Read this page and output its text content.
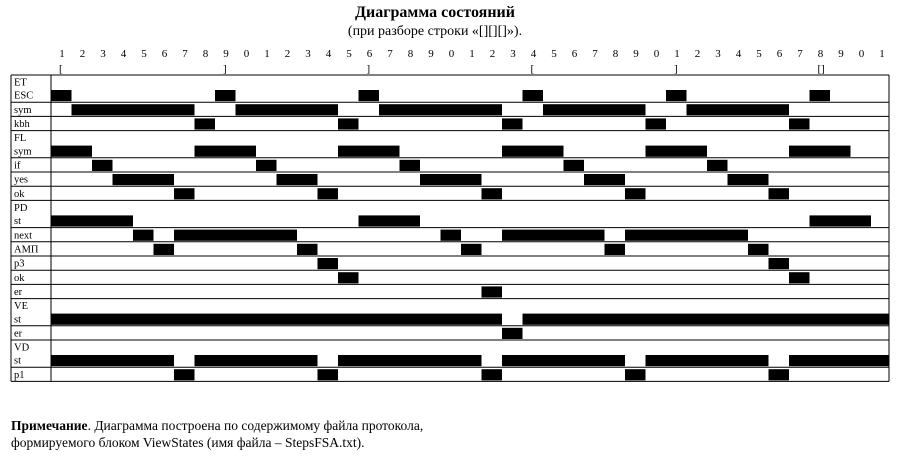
Диаграмма состояний
(при разборе строки «[][][]»).
1 2 3 4 5 6 7 8 9 0 1 2 3 4 5 6 7 8 9 0 1 2 3 4 5 6 7 8 9 0 1 2 3 4 5 6 7 8 9 0 1
[	]	]	[	]	[]
ET
ESC
sym
kbh
FL
sym
if
yes
ok
PD
st
next
АМП
p3
ok
er
VE
st
er
VD
st
p1
Примечание. Диаграмма построена по содержимому файла протокола,
формируемого блоком ViewStates (имя файла – StepsFSA.txt).
